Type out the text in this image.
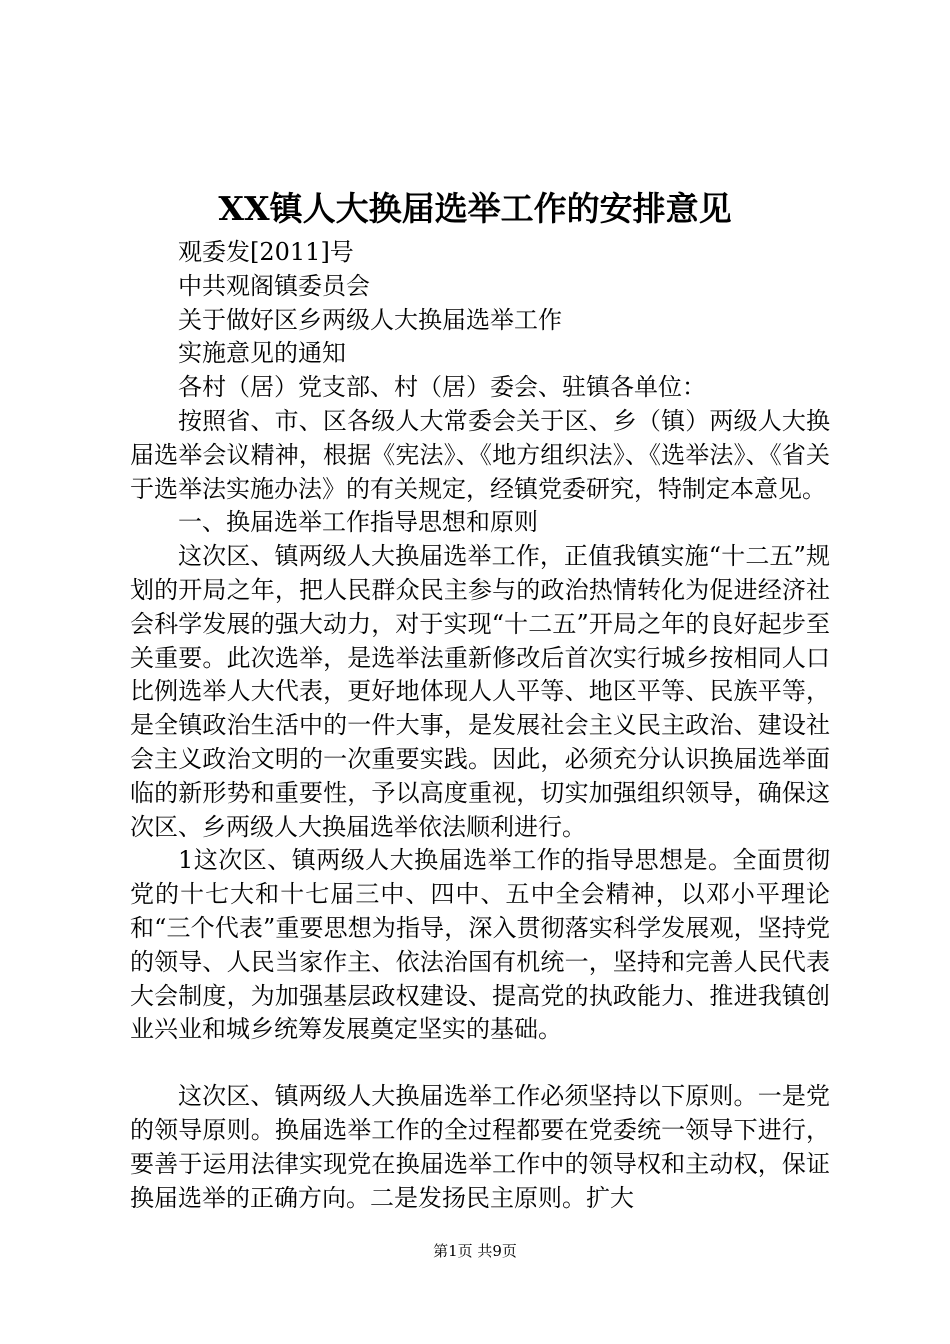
XX镇人大换届选举工作的安排意见

观委发[2011]号

中共观阁镇委员会

关于做好区乡两级人大换届选举工作

实施意见的通知

各村（居）党支部、村（居）委会、驻镇各单位：

按照省、市、区各级人大常委会关于区、乡（镇）两级人大换届选举会议精神，根据《宪法》、《地方组织法》、《选举法》、《省关于选举法实施办法》的有关规定，经镇党委研究，特制定本意见。

一、换届选举工作指导思想和原则

这次区、镇两级人大换届选举工作，正值我镇实施“十二五”规划的开局之年，把人民群众民主参与的政治热情转化为促进经济社会科学发展的强大动力，对于实现“十二五”开局之年的良好起步至关重要。此次选举，是选举法重新修改后首次实行城乡按相同人口比例选举人大代表，更好地体现人人平等、地区平等、民族平等，是全镇政治生活中的一件大事，是发展社会主义民主政治、建设社会主义政治文明的一次重要实践。因此，必须充分认识换届选举面临的新形势和重要性，予以高度重视，切实加强组织领导，确保这次区、乡两级人大换届选举依法顺利进行。

1这次区、镇两级人大换届选举工作的指导思想是。全面贯彻党的十七大和十七届三中、四中、五中全会精神，以邓小平理论和“三个代表”重要思想为指导，深入贯彻落实科学发展观，坚持党的领导、人民当家作主、依法治国有机统一，坚持和完善人民代表大会制度，为加强基层政权建设、提高党的执政能力、推进我镇创业兴业和城乡统筹发展奠定坚实的基础。

这次区、镇两级人大换届选举工作必须坚持以下原则。一是党的领导原则。换届选举工作的全过程都要在党委统一领导下进行，要善于运用法律实现党在换届选举工作中的领导权和主动权，保证换届选举的正确方向。二是发扬民主原则。扩大

第1页 共9页
